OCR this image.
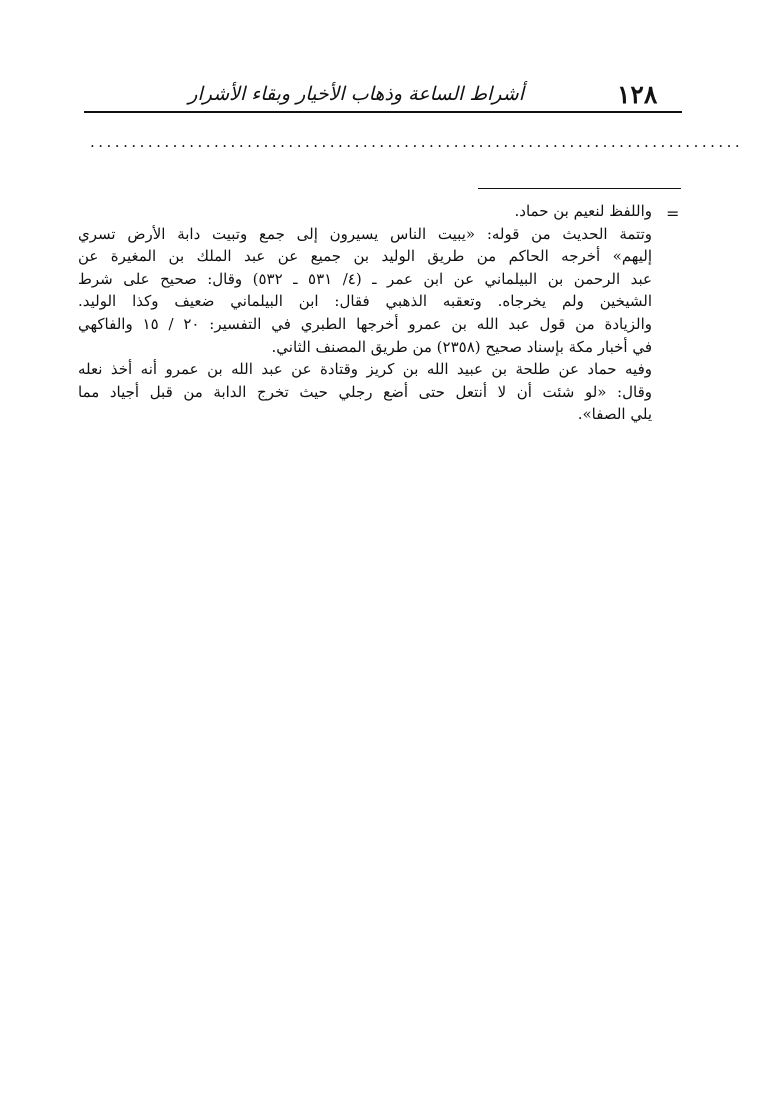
١٢٨
أشراط الساعة وذهاب الأخيار وبقاء الأشرار
...............................................................................
=
واللفظ لنعيم بن حماد.
وتتمة الحديث من قوله: «يبيت الناس يسيرون إلى جمع وتبيت دابة الأرض تسري
إليهم» أخرجه الحاكم من طريق الوليد بن جميع عن عبد الملك بن المغيرة عن
عبد الرحمن بن البيلماني عن ابن عمر ـ (٤/ ٥٣١ ـ ٥٣٢) وقال: صحيح على شرط
الشيخين ولم يخرجاه. وتعقبه الذهبي فقال: ابن البيلماني ضعيف وكذا الوليد.
والزيادة من قول عبد الله بن عمرو أخرجها الطبري في التفسير: ٢٠ / ١٥ والفاكهي
في أخبار مكة بإسناد صحيح (٢٣٥٨) من طريق المصنف الثاني.
وفيه حماد عن طلحة بن عبيد الله بن كريز وقتادة عن عبد الله بن عمرو أنه أخذ نعله
وقال: «لو شئت أن لا أنتعل حتى أضع رجلي حيث تخرج الدابة من قبل أجياد مما
يلي الصفا».
